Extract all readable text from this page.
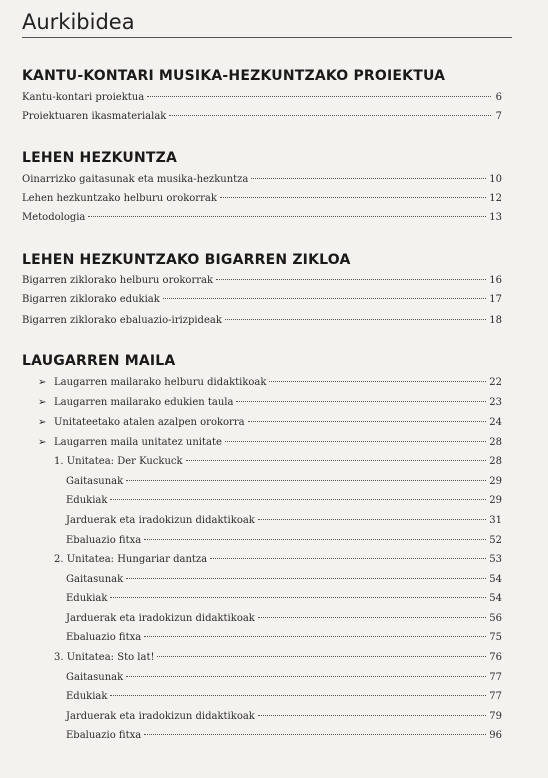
Aurkibidea
KANTU-KONTARI MUSIKA-HEZKUNTZAKO PROIEKTUA
Kantu-kontari proiektua	6
Proiektuaren ikasmaterialak	7
LEHEN HEZKUNTZA
Oinarrizko gaitasunak eta musika-hezkuntza	10
Lehen hezkuntzako helburu orokorrak	12
Metodologia	13
LEHEN HEZKUNTZAKO BIGARREN ZIKLOA
Bigarren ziklorako helburu orokorrak	16
Bigarren ziklorako edukiak	17
Bigarren ziklorako ebaluazio-irizpideak	18
LAUGARREN MAILA
➢ Laugarren mailarako helburu didaktikoak	22
➢ Laugarren mailarako edukien taula	23
➢ Unitateetako atalen azalpen orokorra	24
➢ Laugarren maila unitatez unitate	28
1. Unitatea: Der Kuckuck	28
Gaitasunak	29
Edukiak	29
Jarduerak eta iradokizun didaktikoak	31
Ebaluazio fitxa	52
2. Unitatea: Hungariar dantza	53
Gaitasunak	54
Edukiak	54
Jarduerak eta iradokizun didaktikoak	56
Ebaluazio fitxa	75
3. Unitatea: Sto lat!	76
Gaitasunak	77
Edukiak	77
Jarduerak eta iradokizun didaktikoak	79
Ebaluazio fitxa	96
